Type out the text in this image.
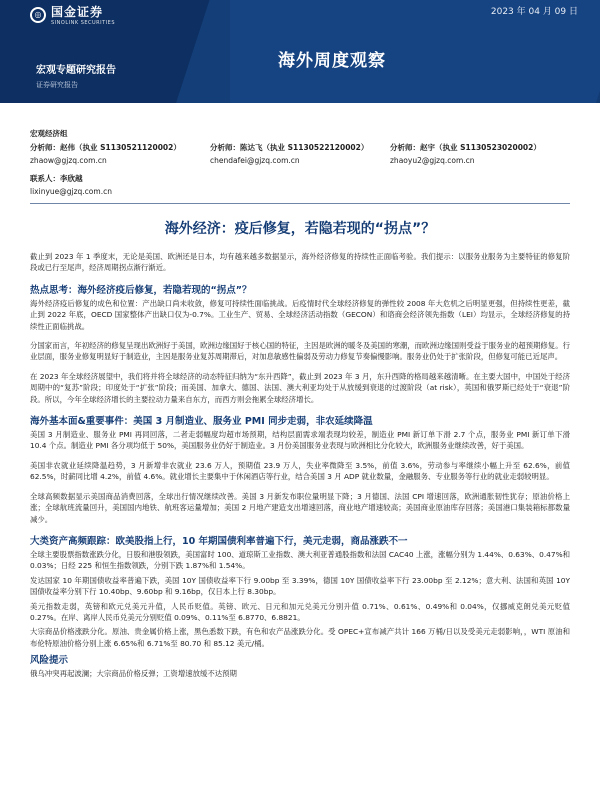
◎ 国金证券
SINOLINK SECURITIES
2023 年 04 月 09 日
海外周度观察
宏观专题研究报告
证券研究报告
宏观经济组
分析师：赵伟（执业 S1130521120002）
zhaow@gjzq.com.cn
分析师：陈达飞（执业 S1130522120002）
chendafei@gjzq.com.cn
分析师：赵宇（执业 S1130523020002）
zhaoyu2@gjzq.com.cn
联系人：李欣越
lixinyue@gjzq.com.cn
海外经济：疫后修复，若隐若现的“拐点”？

截止到 2023 年 1 季度末，无论是美国、欧洲还是日本，均有越来越多数据显示，海外经济修复的持续性正面临考验。我们提示：以服务业服务为主要特征的修复阶段或已行至尾声，经济周期拐点渐行渐近。

热点思考：海外经济疫后修复，若隐若现的“拐点”？

海外经济疫后修复的成色和位置：产出缺口尚未收敛，修复可持续性面临挑战。后疫情时代全球经济修复的弹性较 2008 年大危机之后明显更强，但持续性更差，截止到 2022 年底，OECD 国家整体产出缺口仅为-0.7%。工业生产、贸易、全球经济活动指数（GECON）和谘商会经济领先指数（LEI）均显示，全球经济修复的持续性正面临挑战。

分国家而言，年初经济的修复呈现出欧洲好于美国，欧洲边缘国好于核心国的特征，主因是欧洲的暖冬及美国的寒潮，而欧洲边缘国则受益于服务业的超预期修复。行业层面，服务业修复明显好于制造业，主因是服务业复苏周期滞后，对加息敏感性偏弱及劳动力修复节奏偏慢影响。服务业仍处于扩张阶段，但修复可能已近尾声。

在 2023 年全球经济展望中，我们将并将全球经济的动态特征归纳为“东升西降”，截止到 2023 年 3 月，东升西降的格局越来越清晰。在主要大国中，中国处于经济周期中的“复苏”阶段；印度处于“扩张”阶段；而美国、加拿大、德国、法国、澳大利亚均处于从放缓到衰退的过渡阶段（at risk），英国和俄罗斯已经处于“衰退”阶段。所以，今年全球经济增长的主要拉动力量来自东方，而西方则会拖累全球经济增长。

海外基本面&重要事件：美国 3 月制造业、服务业 PMI 同步走弱，非农延续降温

美国 3 月制造业、服务业 PMI 再同回落，二者走弱幅度均超市场预期，结构层面需求端表现均较差，制造业 PMI 新订单下滑 2.7 个点，服务业 PMI 新订单下滑 10.4 个点。制造业 PMI 各分项均低于 50%，美国服务业仍好于制造业。3 月份美国服务业表现与欧洲相比分化较大，欧洲服务业继续改善，好于美国。

美国非农就业延续降温趋势，3 月新增非农就业 23.6 万人，预期值 23.9 万人，失业率微降至 3.5%，前值 3.6%，劳动参与率继续小幅上升至 62.6%，前值 62.5%，时薪同比增 4.2%，前值 4.6%。就业增长主要集中于休闲酒店等行业，结合美国 3 月 ADP 就业数量，金融服务、专业服务等行业的就业走弱较明显。

全球高频数据显示美国商品消费回落，全球出行情况继续改善。美国 3 月新发布职位量明显下降；3 月德国、法国 CPI 增速回落，欧洲通胀韧性犹存；原油价格上涨；全球航班流量回升，美国国内地铁、航班客运量增加；美国 2 月地产建造支出增速回落，商业地产增速较高；美国商业原油库存回落；美国港口集装箱标都数量减少。

大类资产高频跟踪：欧美股指上行，10 年期国债利率普遍下行，美元走弱，商品涨跌不一

全球主要股票指数涨跌分化，日股和港股领跌，美国富时 100、道琼斯工业指数、澳大利亚普通股指数和法国 CAC40 上涨，涨幅分别为 1.44%、0.63%、0.47%和 0.03%；日经 225 和恒生指数领跌，分别下跌 1.87%和 1.54%。

发达国家 10 年期国债收益率普遍下跌，美国 10Y 国债收益率下行 9.00bp 至 3.39%，德国 10Y 国债收益率下行 23.00bp 至 2.12%；意大利、法国和英国 10Y 国债收益率分别下行 10.40bp、9.60bp 和 9.16bp，仅日本上行 8.30bp。

美元指数走弱，英镑和欧元兑美元升值，人民币贬值。英镑、欧元、日元和加元兑美元分别升值 0.71%、0.61%、0.49%和 0.04%，仅挪威克朗兑美元贬值 0.27%。在岸、离岸人民币兑美元分别贬值 0.09%、0.11%至 6.8770、6.8821。

大宗商品价格涨跌分化。原油、贵金属价格上涨，黑色悉数下跌，有色和农产品涨跌分化。受 OPEC+宣布减产共计 166 万桶/日以及受美元走弱影响，，WTI 原油和布伦特原油价格分别上涨 6.65%和 6.71%至 80.70 和 85.12 美元/桶。

风险提示

俄乌冲突再起波澜；大宗商品价格反弹；工资增速放缓不达预期
